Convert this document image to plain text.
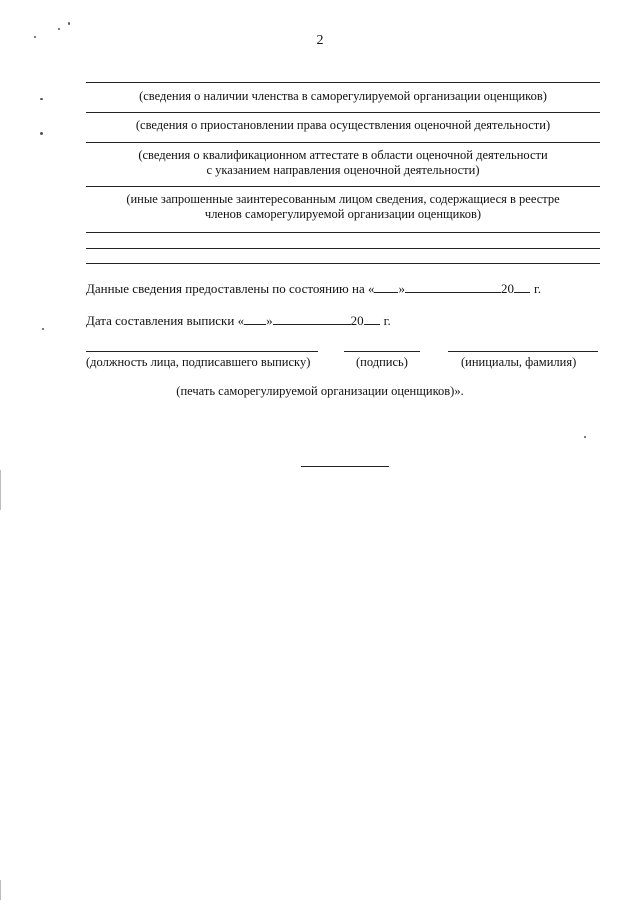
2
(сведения о наличии членства в саморегулируемой организации оценщиков)
(сведения о приостановлении права осуществления оценочной деятельности)
(сведения о квалификационном аттестате в области оценочной деятельности
с указанием направления оценочной деятельности)
(иные запрошенные заинтересованным лицом сведения, содержащиеся в реестре
членов саморегулируемой организации оценщиков)
Данные сведения предоставлены по состоянию на « »	20 г.
Дата составления выписки « »	20 г.
(должность лица, подписавшего выписку)	(подпись)	(инициалы, фамилия)
(печать саморегулируемой организации оценщиков)».
